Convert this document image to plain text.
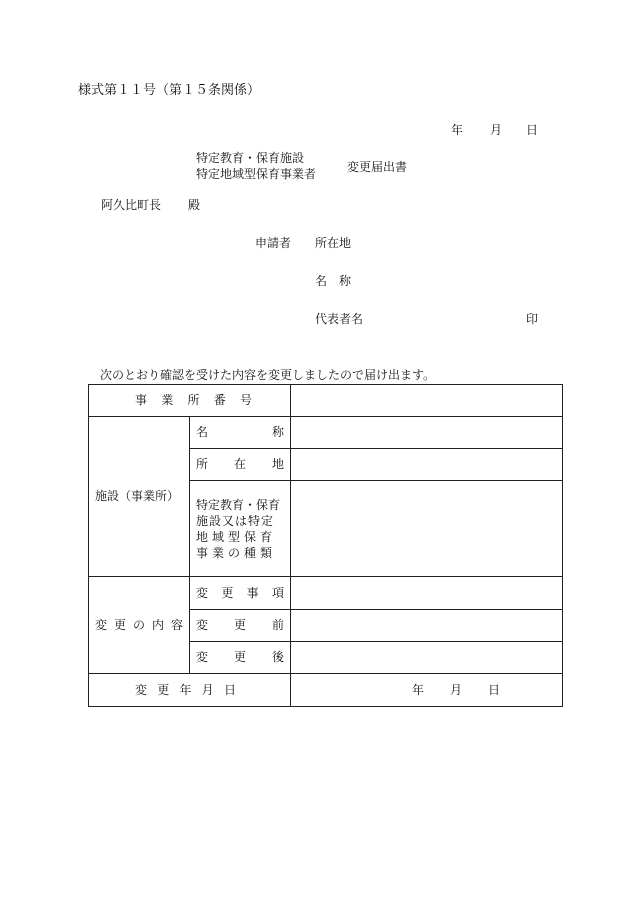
様式第１１号（第１５条関係）
年 月 日
特定教育・保育施設
特定地域型保育事業者	変更届出書
阿久比町長 殿
申請者 所在地
名　称
代表者名	印
次のとおり確認を受けた内容を変更しましたので届け出ます。
事 業 所 番 号		

施設（事業所）	名 称	

	所 在 地	

	特定教育・保育
施設又は特定
地域型保育
事業の種類	

変 更 の 内 容	変 更 事 項	

	変 更 前	

	変 更 後	

変 更 年 月 日		年 月 日
